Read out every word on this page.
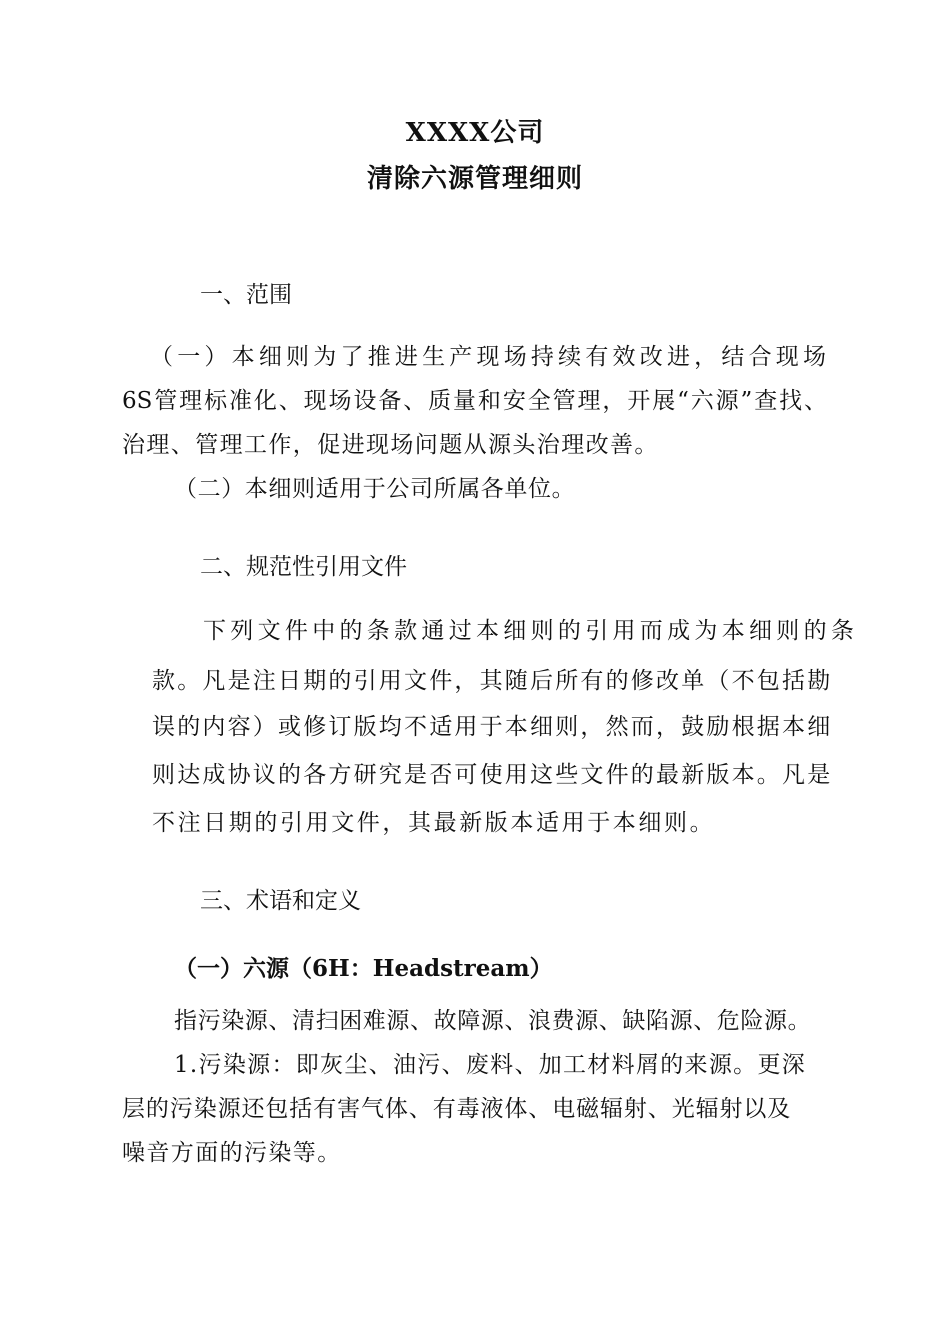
XXXX公司
清除六源管理细则
一、范围
（一）本细则为了推进生产现场持续有效改进，结合现场
6S管理标准化、现场设备、质量和安全管理，开展“六源”查找、
治理、管理工作，促进现场问题从源头治理改善。
（二）本细则适用于公司所属各单位。
二、规范性引用文件
下列文件中的条款通过本细则的引用而成为本细则的条
款。凡是注日期的引用文件，其随后所有的修改单（不包括勘
误的内容）或修订版均不适用于本细则，然而，鼓励根据本细
则达成协议的各方研究是否可使用这些文件的最新版本。凡是
不注日期的引用文件，其最新版本适用于本细则。
三、术语和定义
（一）六源（6H：Headstream）
指污染源、清扫困难源、故障源、浪费源、缺陷源、危险源。
1.污染源：即灰尘、油污、废料、加工材料屑的来源。更深
层的污染源还包括有害气体、有毒液体、电磁辐射、光辐射以及
噪音方面的污染等。
